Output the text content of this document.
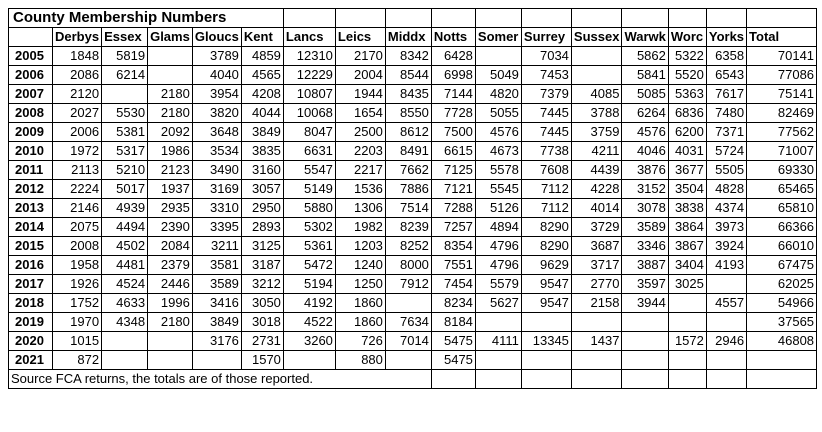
County Membership Numbers																
	Derbys	Essex	Glams	Gloucs	Kent	Lancs	Leics	Middx	Notts	Somer	Surrey	Sussex	Warwk	Worc	Yorks	Total
2005	1848	5819		3789	4859	12310	2170	8342	6428		7034		5862	5322	6358	70141
2006	2086	6214		4040	4565	12229	2004	8544	6998	5049	7453		5841	5520	6543	77086
2007	2120		2180	3954	4208	10807	1944	8435	7144	4820	7379	4085	5085	5363	7617	75141
2008	2027	5530	2180	3820	4044	10068	1654	8550	7728	5055	7445	3788	6264	6836	7480	82469
2009	2006	5381	2092	3648	3849	8047	2500	8612	7500	4576	7445	3759	4576	6200	7371	77562
2010	1972	5317	1986	3534	3835	6631	2203	8491	6615	4673	7738	4211	4046	4031	5724	71007
2011	2113	5210	2123	3490	3160	5547	2217	7662	7125	5578	7608	4439	3876	3677	5505	69330
2012	2224	5017	1937	3169	3057	5149	1536	7886	7121	5545	7112	4228	3152	3504	4828	65465
2013	2146	4939	2935	3310	2950	5880	1306	7514	7288	5126	7112	4014	3078	3838	4374	65810
2014	2075	4494	2390	3395	2893	5302	1982	8239	7257	4894	8290	3729	3589	3864	3973	66366
2015	2008	4502	2084	3211	3125	5361	1203	8252	8354	4796	8290	3687	3346	3867	3924	66010
2016	1958	4481	2379	3581	3187	5472	1240	8000	7551	4796	9629	3717	3887	3404	4193	67475
2017	1926	4524	2446	3589	3212	5194	1250	7912	7454	5579	9547	2770	3597	3025		62025
2018	1752	4633	1996	3416	3050	4192	1860		8234	5627	9547	2158	3944		4557	54966
2019	1970	4348	2180	3849	3018	4522	1860	7634	8184							37565
2020	1015			3176	2731	3260	726	7014	5475	4111	13345	1437		1572	2946	46808
2021	872				1570		880		5475							
Source FCA returns, the totals are of those reported.																
